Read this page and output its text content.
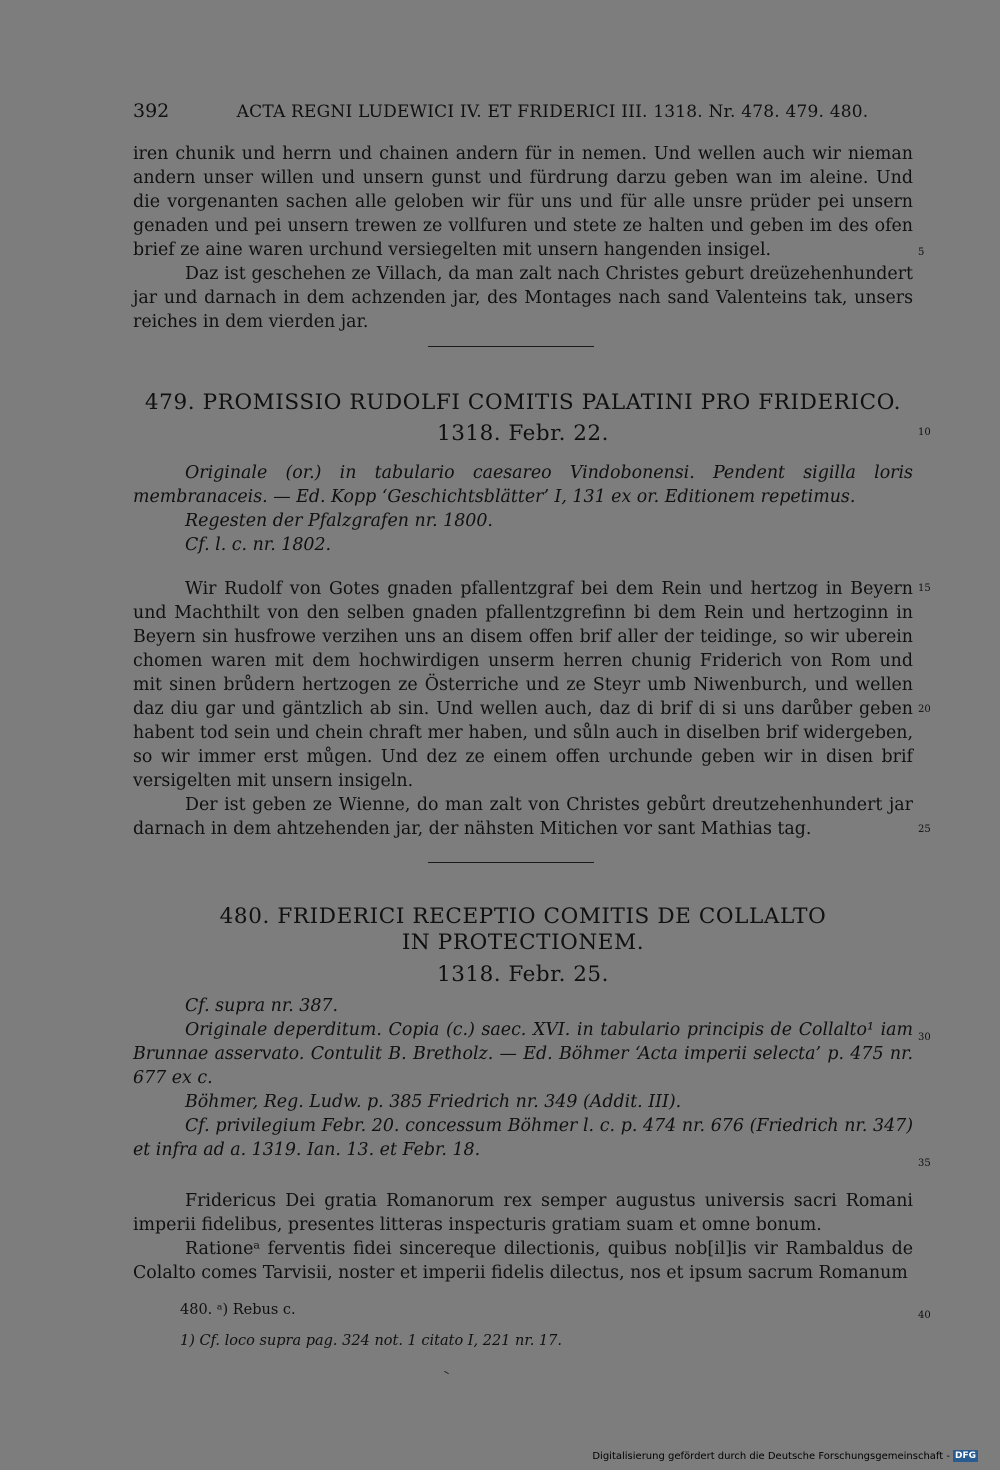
392	ACTA REGNI LUDEWICI IV. ET FRIDERICI III. 1318. Nr. 478. 479. 480.

iren chunik und herrn und chainen andern für in nemen. Und wellen auch wir nieman andern unser willen und unsern gunst und fürdrung darzu geben wan im aleine. Und die vorgenanten sachen alle geloben wir für uns und für alle unsre prüder pei unsern genaden und pei unsern trewen ze vollfuren und stete ze halten und geben im des ofen brief ze aine waren urchund versiegelten mit unsern hangenden insigel.

Daz ist geschehen ze Villach, da man zalt nach Christes geburt dreüzehenhundert jar und darnach in dem achzenden jar, des Montages nach sand Valenteins tak, unsers reiches in dem vierden jar.

479. PROMISSIO RUDOLFI COMITIS PALATINI PRO FRIDERICO.
1318. Febr. 22.

Originale (or.) in tabulario caesareo Vindobonensi. Pendent sigilla loris membranaceis. — Ed. Kopp ‘Geschichtsblätter’ I, 131 ex or. Editionem repetimus.

Regesten der Pfalzgrafen nr. 1800.

Cf. l. c. nr. 1802.

Wir Rudolf von Gotes gnaden pfallentzgraf bei dem Rein und hertzog in Beyern und Machthilt von den selben gnaden pfallentzgrefinn bi dem Rein und hertzoginn in Beyern sin husfrowe verzihen uns an disem offen brif aller der teidinge, so wir uberein chomen waren mit dem hochwirdigen unserm herren chunig Friderich von Rom und mit sinen brůdern hertzogen ze Österriche und ze Steyr umb Niwenburch, und wellen daz diu gar und gäntzlich ab sin. Und wellen auch, daz di brif di si uns darůber geben habent tod sein und chein chraft mer haben, und sůln auch in diselben brif widergeben, so wir immer erst můgen. Und dez ze einem offen urchunde geben wir in disen brif versigelten mit unsern insigeln.

Der ist geben ze Wienne, do man zalt von Christes gebůrt dreutzehenhundert jar darnach in dem ahtzehenden jar, der nähsten Mitichen vor sant Mathias tag.

480. FRIDERICI RECEPTIO COMITIS DE COLLALTO
IN PROTECTIONEM.
1318. Febr. 25.

Cf. supra nr. 387.

Originale deperditum. Copia (c.) saec. XVI. in tabulario principis de Collalto¹ iam Brunnae asservato. Contulit B. Bretholz. — Ed. Böhmer ‘Acta imperii selecta’ p. 475 nr. 677 ex c.

Böhmer, Reg. Ludw. p. 385 Friedrich nr. 349 (Addit. III).

Cf. privilegium Febr. 20. concessum Böhmer l. c. p. 474 nr. 676 (Friedrich nr. 347) et infra ad a. 1319. Ian. 13. et Febr. 18.

Fridericus Dei gratia Romanorum rex semper augustus universis sacri Romani imperii fidelibus, presentes litteras inspecturis gratiam suam et omne bonum.

Rationeᵃ ferventis fidei sincereque dilectionis, quibus nob[il]is vir Rambaldus de Colalto comes Tarvisii, noster et imperii fidelis dilectus, nos et ipsum sacrum Romanum

480. ᵃ) Rebus c.
1) Cf. loco supra pag. 324 not. 1 citato I, 221 nr. 17.
5
10
15
20
25
30
35
40
Digitalisierung gefördert durch die Deutsche Forschungsgemeinschaft - DFG
